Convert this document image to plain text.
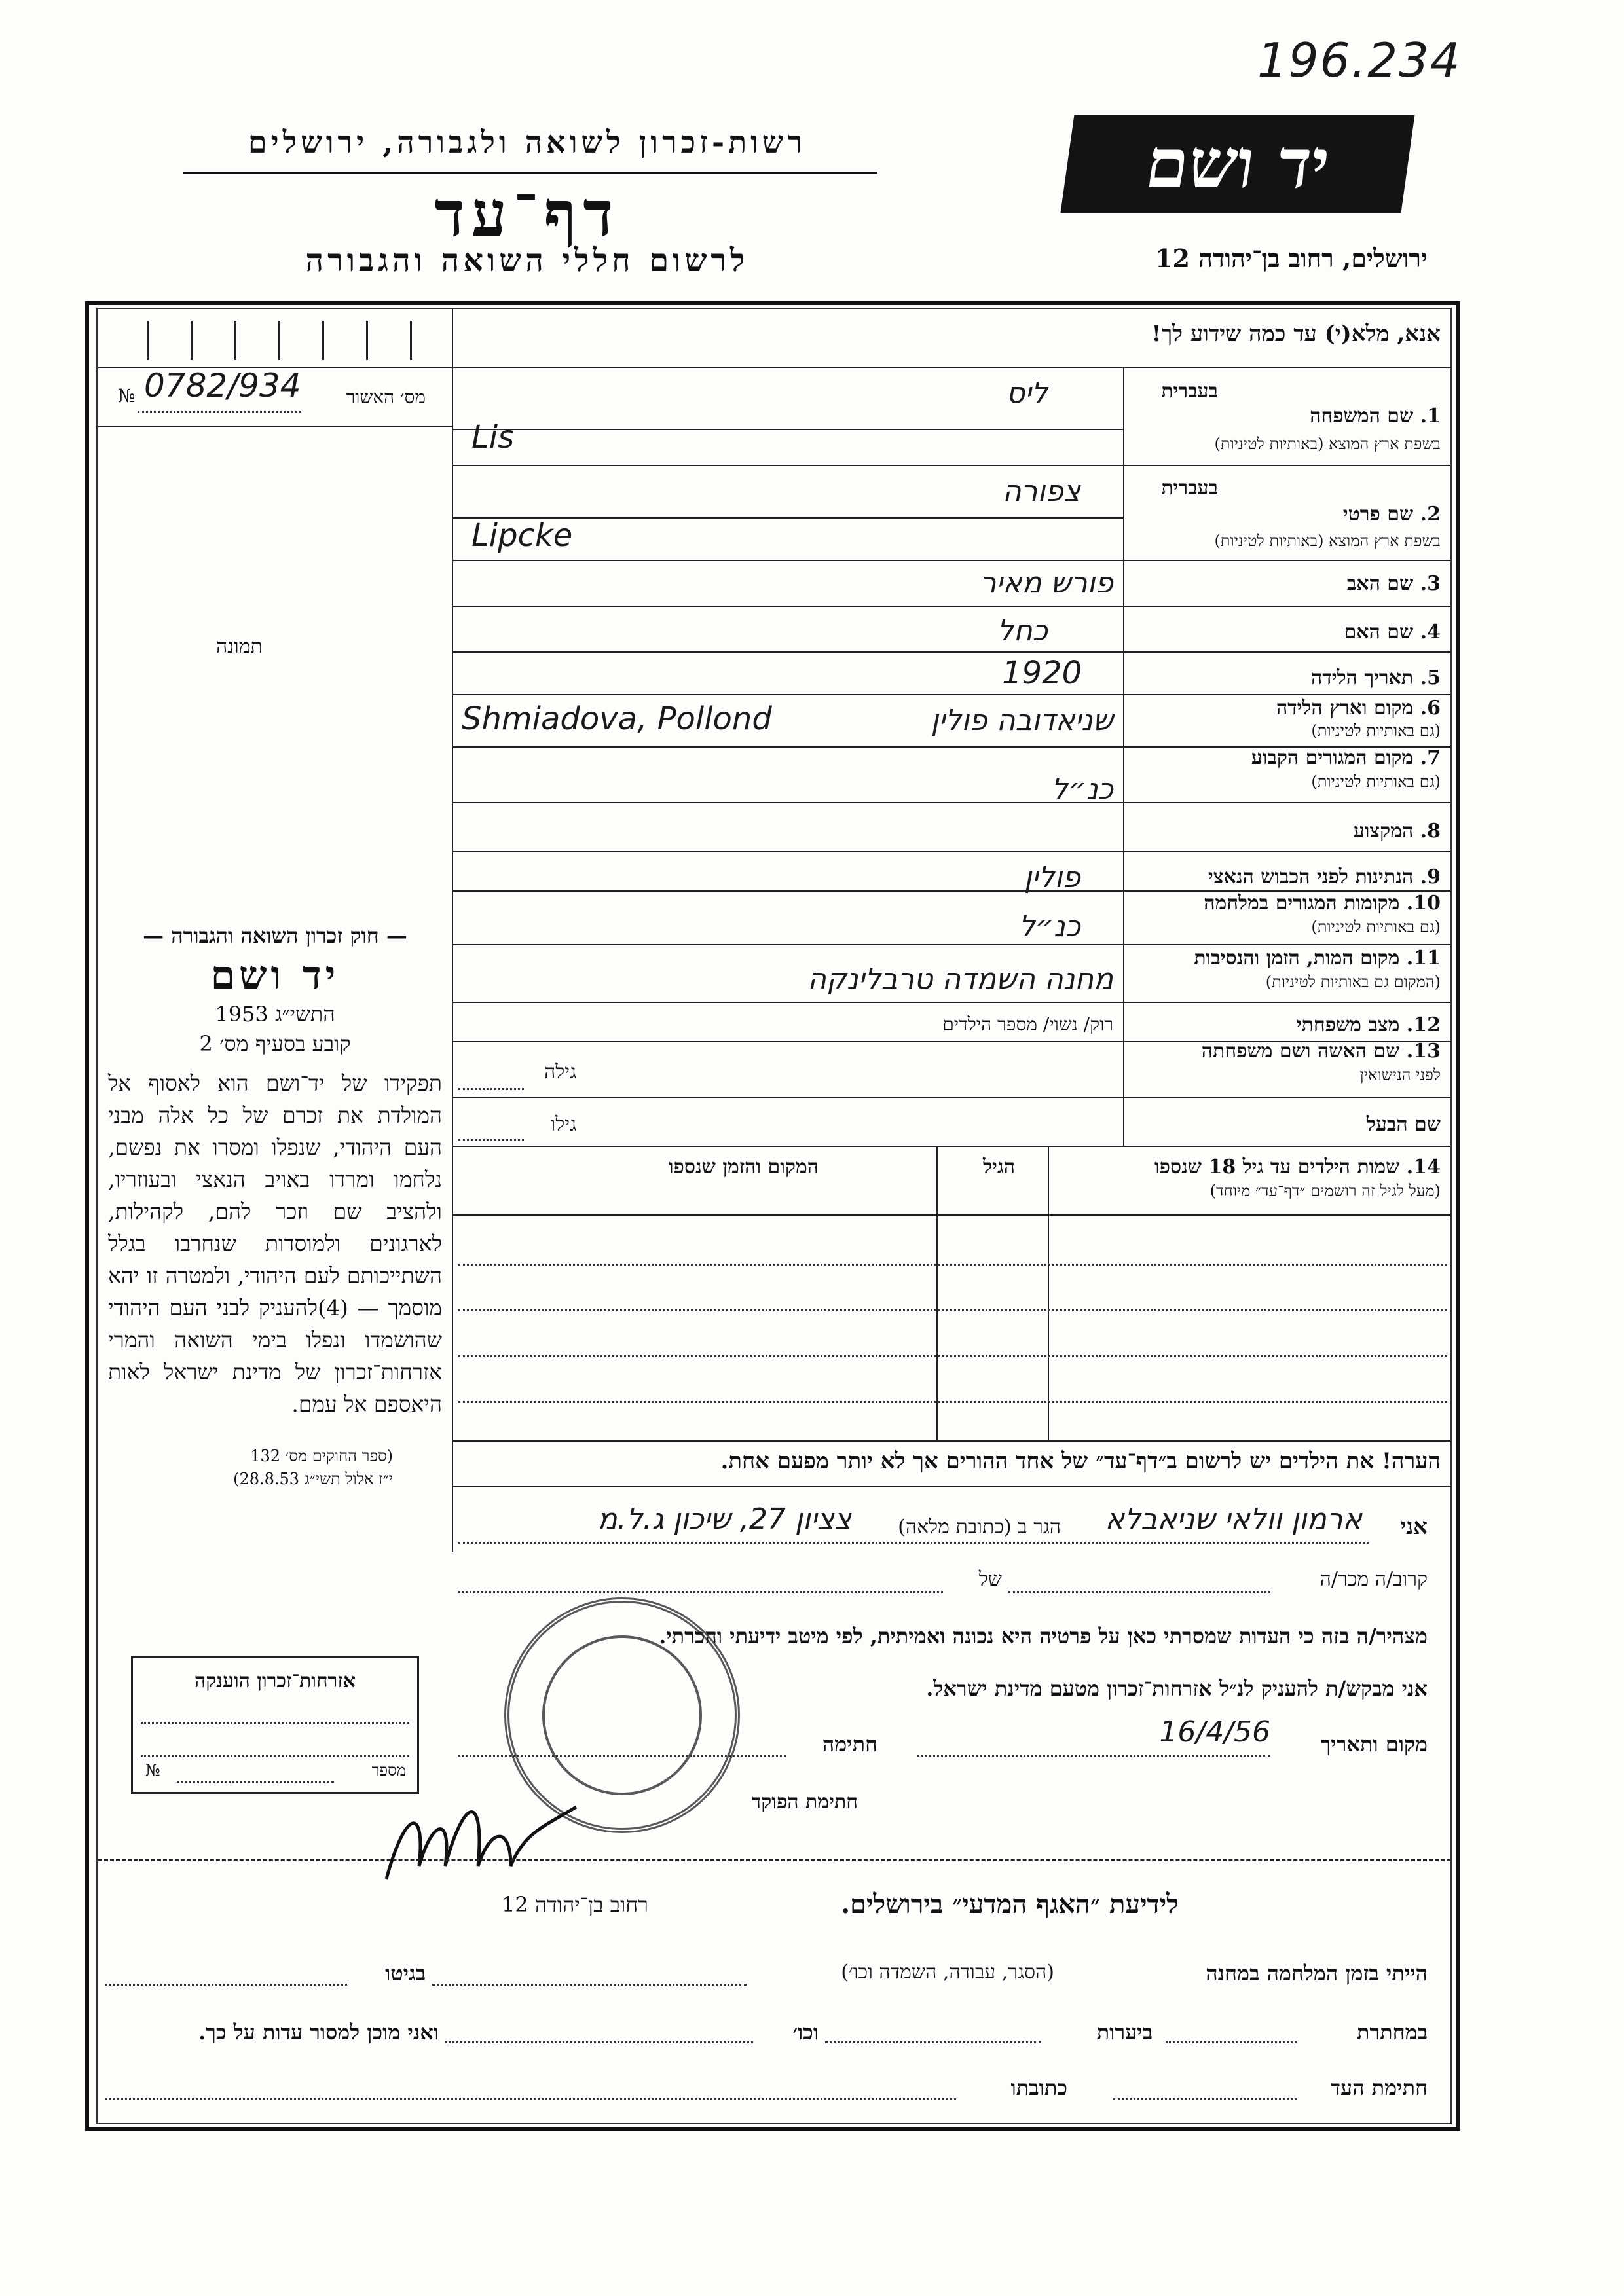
196.234
רשות-זכרון לשואה ולגבורה, ירושלים
דף־עד
לרשום חללי השואה והגבורה
יד ושם
ירושלים, רחוב בן־יהודה 12
אנא, מלא(י) עד כמה שידוע לך!
מס׳ האשור
№ 0782/934
תמונה
בעברית
1. שם המשפחה
בשפת ארץ המוצא (באותיות לטיניות)
ליס
Lis
בעברית
2. שם פרטי
בשפת ארץ המוצא (באותיות לטיניות)
צפורה
Lipcke
3. שם האב
פורש מאיר
4. שם האם
כחל
5. תאריך הלידה
1920
6. מקום וארץ הלידה
(גם באותיות לטיניות)
Shmiadova, Pollond	שניאדובה פולין
7. מקום המגורים הקבוע
(גם באותיות לטיניות)
כנ״ל
8. המקצוע
9. הנתינות לפני הכבוש הנאצי
פולין
10. מקומות המגורים במלחמה
(גם באותיות לטיניות)
כנ״ל
11. מקום המות, הזמן והנסיבות
(המקום גם באותיות לטיניות)
מחנה השמדה טרבלינקה
12. מצב משפחתי
רוק/ נשוי/ מספר הילדים
13. שם האשה ושם משפחתה
לפני הנישואין
גילה
שם הבעל
גילו
14. שמות הילדים עד גיל 18 שנספו
(מעל לגיל זה רושמים ״דף־עד״ מיוחד)
הגיל
המקום והזמן שנספו
הערה! את הילדים יש לרשום ב״דף־עד״ של אחד ההורים אך לא יותר מפעם אחת.
— חוק זכרון השואה והגבורה —
יד ושם
התשי״ג 1953
קובע בסעיף מס׳ 2
תפקידו של יד־ושם הוא לאסוף אל המולדת את זכרם של כל אלה מבני העם היהודי, שנפלו ומסרו את נפשם, נלחמו ומרדו באויב הנאצי ובעוזריו, ולהציב שם וזכר להם, לקהילות, לארגונים ולמוסדות שנחרבו בגלל השתייכותם לעם היהודי, ולמטרה זו יהא מוסמך — (4)להעניק לבני העם היהודי שהושמדו ונפלו בימי השואה והמרי אזרחות־זכרון של מדינת ישראל לאות היאספם אל עמם.
(ספר החוקים מס׳ 132
י״ז אלול תשי״ג 28.8.53)
אני
ארמון וולאי שניאבלא
הגר ב (כתובת מלאה)
צציון 27, שיכון ג.ל.מ
קרוב/ה מכר/ה
של
מצהיר/ה בזה כי העדות שמסרתי כאן על פרטיה היא נכונה ואמיתית, לפי מיטב ידיעתי והכרתי.
אני מבקש/ת להעניק לנ״ל אזרחות־זכרון מטעם מדינת ישראל.
מקום ותאריך
16/4/56
חתימה
חתימת הפוקד
אזרחות־זכרון הוענקה
מספר
№
לידיעת ״האגף המדעי״ בירושלים.
רחוב בן־יהודה 12
הייתי בזמן המלחמה במחנה
(הסגר, עבודה, השמדה וכו׳)
בגיטו
במחתרת
ביערות
וכו׳
ואני מוכן למסור עדות על כך.
חתימת העד
כתובתו
